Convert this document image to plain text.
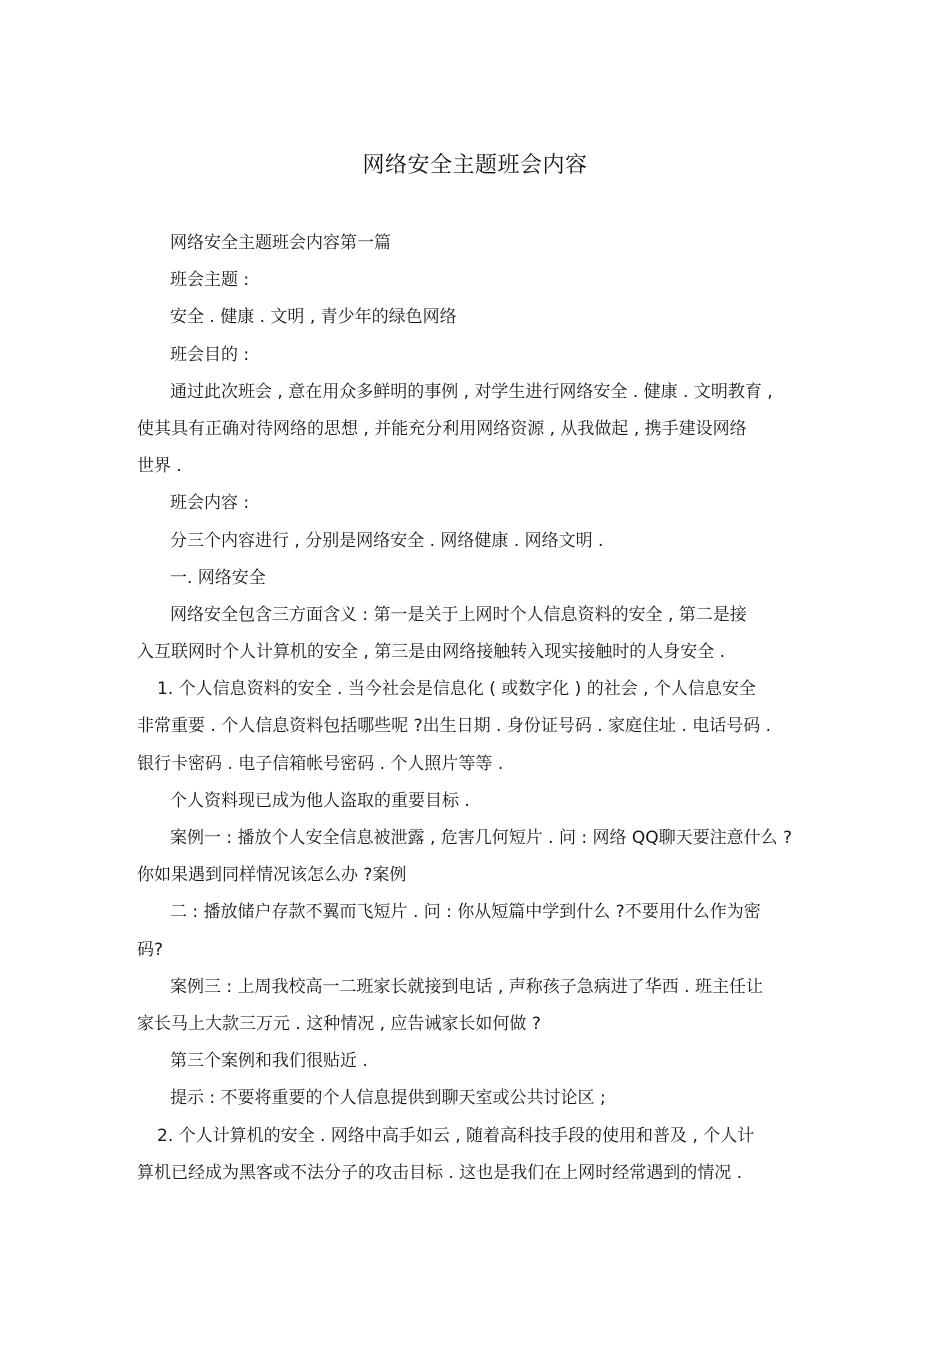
网络安全主题班会内容
网络安全主题班会内容第一篇
班会主题 :
安全 . 健康 . 文明 , 青少年的绿色网络
班会目的 :
通过此次班会 , 意在用众多鲜明的事例 , 对学生进行网络安全 . 健康 . 文明教育 ,
使其具有正确对待网络的思想 , 并能充分利用网络资源 , 从我做起 , 携手建设网络
世界 .
班会内容 :
分三个内容进行 , 分别是网络安全 . 网络健康 . 网络文明 .
一. 网络安全
网络安全包含三方面含义 : 第一是关于上网时个人信息资料的安全 , 第二是接
入互联网时个人计算机的安全 , 第三是由网络接触转入现实接触时的人身安全 .
1. 个人信息资料的安全 . 当今社会是信息化 ( 或数字化 ) 的社会 , 个人信息安全
非常重要 . 个人信息资料包括哪些呢 ?出生日期 . 身份证号码 . 家庭住址 . 电话号码 .
银行卡密码 . 电子信箱帐号密码 . 个人照片等等 .
个人资料现已成为他人盗取的重要目标 .
案例一 : 播放个人安全信息被泄露 , 危害几何短片 . 问 : 网络 QQ聊天要注意什么 ?
你如果遇到同样情况该怎么办 ?案例
二 : 播放储户存款不翼而飞短片 . 问 : 你从短篇中学到什么 ?不要用什么作为密
码?
案例三 : 上周我校高一二班家长就接到电话 , 声称孩子急病进了华西 . 班主任让
家长马上大款三万元 . 这种情况 , 应告诫家长如何做 ?
第三个案例和我们很贴近 .
提示 : 不要将重要的个人信息提供到聊天室或公共讨论区 ;
2. 个人计算机的安全 . 网络中高手如云 , 随着高科技手段的使用和普及 , 个人计
算机已经成为黑客或不法分子的攻击目标 . 这也是我们在上网时经常遇到的情况 .
